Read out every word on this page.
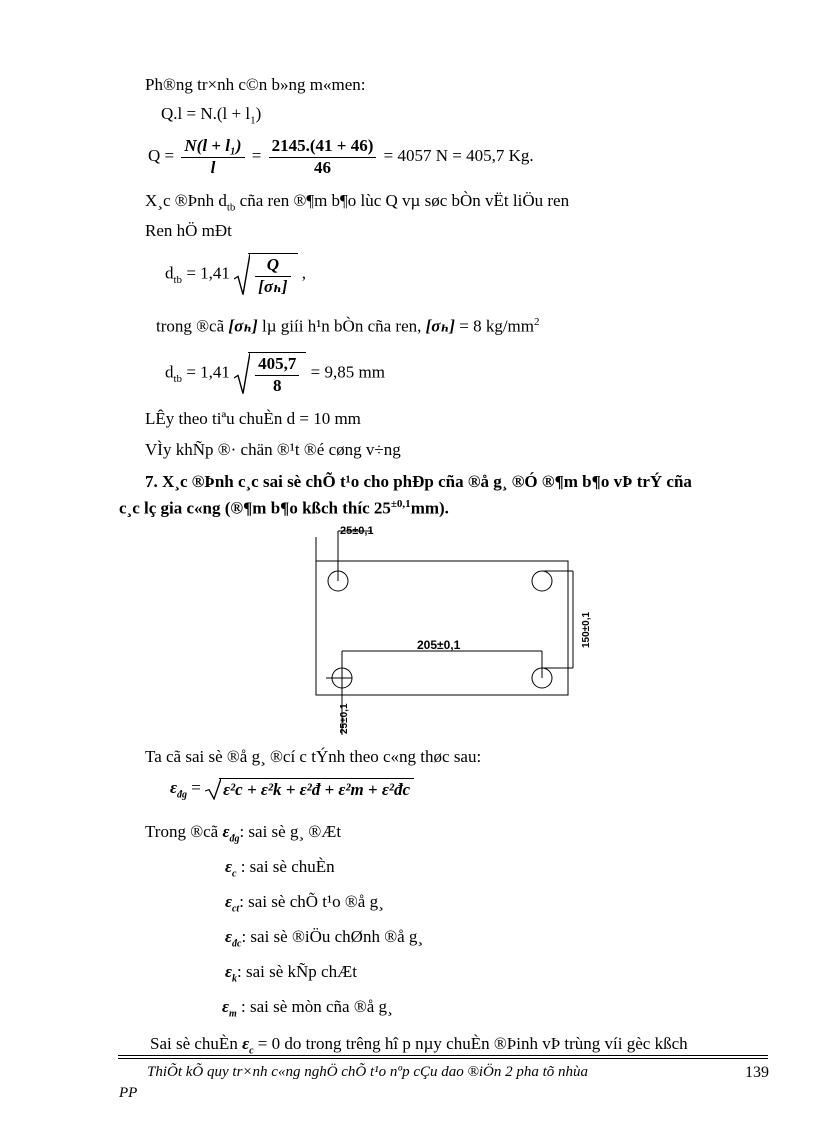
Ph®ng tr×nh c©n b»ng m«men:
$Q.l = N.(l + l_1)$
$Q = \frac{\text{N(l + l₁)}}{l} = \frac{2145.(41 + 46)}{46} = 4057$ N = 405,7 Kg.
X¸c ®Þnh $d_{tb}$ cña ren ®¶m b¶o lùc Q vµ søc bÒn vËt liÖu ren
Ren hÖ mÐt
$d_{tb} = 1,41 \frac{Q}{\text{[σₕ]}}$ ,
trong ®cã [σₕ] lµ giíi h¹n bÒn cña ren, [σₕ] = 8 $kg/mm^2$
$d_{tb} = 1,41 \frac{405,7}{8} = 9,85$ mm
LÊy theo tiªu chuÈn d = 10 mm
VÌy khÑp ®· chän ®¹t ®é cøng v÷ng
7. X¸c ®Þnh c¸c sai sè chÕ t¹o cho phÐp cña ®å g¸ ®Ó ®¶m b¶o vÞ trÝ cña
c¸c lç gia c«ng (®¶m b¶o kßch thíc $25^{\pm 0,1}mm$).
25±0,1
205±0,1	150±0,1
25±0,1
Ta cã sai sè ®å g¸ ®cí c tÝnh theo c«ng thøc sau:
$\varepsilon_{đg}$ =
ε²c + ε²k + ε²đ + ε²m + ε²đc
Trong ®cã $\varepsilon_{đg}$: sai sè g¸ ®Æt
$\varepsilon_c$ : sai sè chuÈn
$\varepsilon_{ct}$: sai sè chÕ t¹o ®å g¸
$\varepsilon_{đc}$: sai sè ®iÖu chØnh ®å g¸
$\varepsilon_k$: sai sè kÑp chÆt
$\varepsilon_m$ : sai sè mòn cña ®å g¸
Sai sè chuÈn $\varepsilon_c = 0$ do trong trêng hî p nµy chuÈn ®Þinh vÞ trùng víi gèc kßch
ThiÕt kÕ quy tr×nh c«ng nghÖ chÕ t¹o nºp cÇu dao ®iÖn 2 pha tõ nhùa	139
PP
